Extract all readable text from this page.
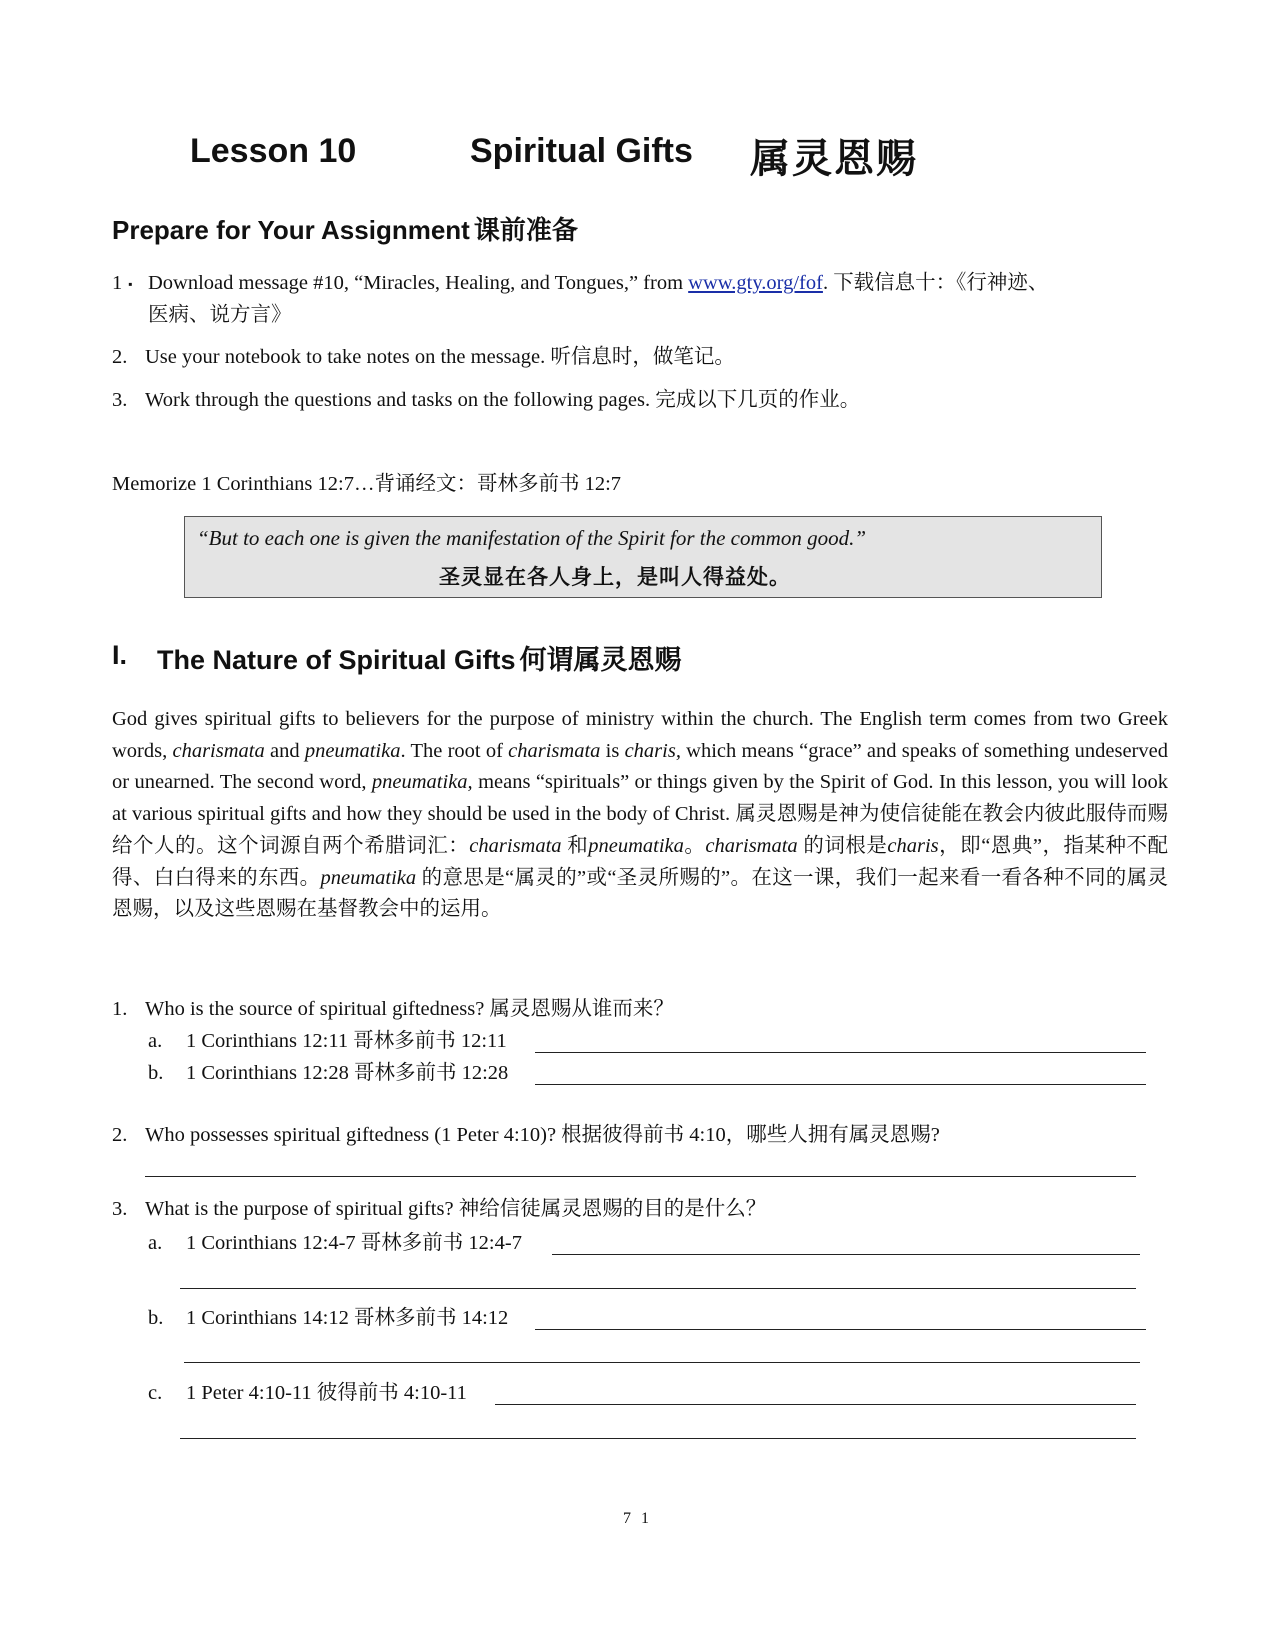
Lesson 10	Spiritual Gifts 属灵恩赐
Prepare for Your Assignment 课前准备
1 ▪ Download message #10, “Miracles, Healing, and Tongues,” from www.gty.org/fof. 下载信息十：《行神迹、
医病、说方言》
2. Use your notebook to take notes on the message. 听信息时，做笔记。
3. Work through the questions and tasks on the following pages. 完成以下几页的作业。
Memorize 1 Corinthians 12:7…背诵经文：哥林多前书 12:7
“But to each one is given the manifestation of the Spirit for the common good.”
圣灵显在各人身上，是叫人得益处。
I. The Nature of Spiritual Gifts 何谓属灵恩赐
God gives spiritual gifts to believers for the purpose of ministry within the church. The English term comes from two Greek words, charismata and pneumatika. The root of charismata is charis, which means “grace” and speaks of something undeserved or unearned. The second word, pneumatika, means “spirituals” or things given by the Spirit of God. In this lesson, you will look at various spiritual gifts and how they should be used in the body of Christ. 属灵恩赐是神为使信徒能在教会内彼此服侍而赐给个人的。这个词源自两个希腊词汇：charismata 和pneumatika。charismata 的词根是charis，即“恩典”，指某种不配得、白白得来的东西。pneumatika 的意思是“属灵的”或“圣灵所赐的”。在这一课，我们一起来看一看各种不同的属灵恩赐，以及这些恩赐在基督教会中的运用。
1. Who is the source of spiritual giftedness? 属灵恩赐从谁而来？
a. 1 Corinthians 12:11 哥林多前书 12:11
b. 1 Corinthians 12:28 哥林多前书 12:28
2. Who possesses spiritual giftedness (1 Peter 4:10)? 根据彼得前书 4:10，哪些人拥有属灵恩赐?
3. What is the purpose of spiritual gifts? 神给信徒属灵恩赐的目的是什么？
a. 1 Corinthians 12:4-7 哥林多前书 12:4-7
b. 1 Corinthians 14:12 哥林多前书 14:12
c. 1 Peter 4:10-11 彼得前书 4:10-11
7 1
